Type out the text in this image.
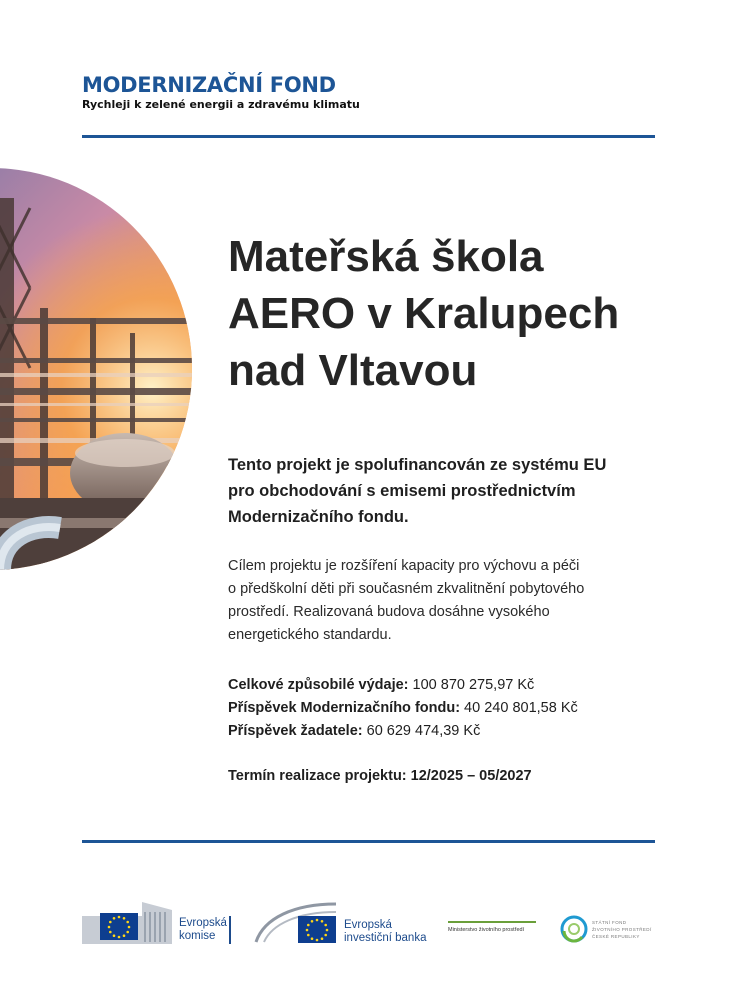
MODERNIZAČNÍ FOND
Rychleji k zelené energii a zdravému klimatu
Mateřská škola
AERO v Kralupech
nad Vltavou
Tento projekt je spolufinancován ze systému EU
pro obchodování s emisemi prostřednictvím
Modernizačního fondu.
Cílem projektu je rozšíření kapacity pro výchovu a péči
o předškolní děti při současném zkvalitnění pobytového
prostředí. Realizovaná budova dosáhne vysokého
energetického standardu.
Celkové způsobilé výdaje: 100 870 275,97 Kč
Příspěvek Modernizačního fondu: 40 240 801,58 Kč
Příspěvek žadatele: 60 629 474,39 Kč
Termín realizace projektu: 12/2025 – 05/2027
Evropská
komise
Evropská
investiční banka
Ministerstvo životního prostředí
STÁTNÍ FOND
ŽIVOTNÍHO PROSTŘEDÍ
ČESKÉ REPUBLIKY
